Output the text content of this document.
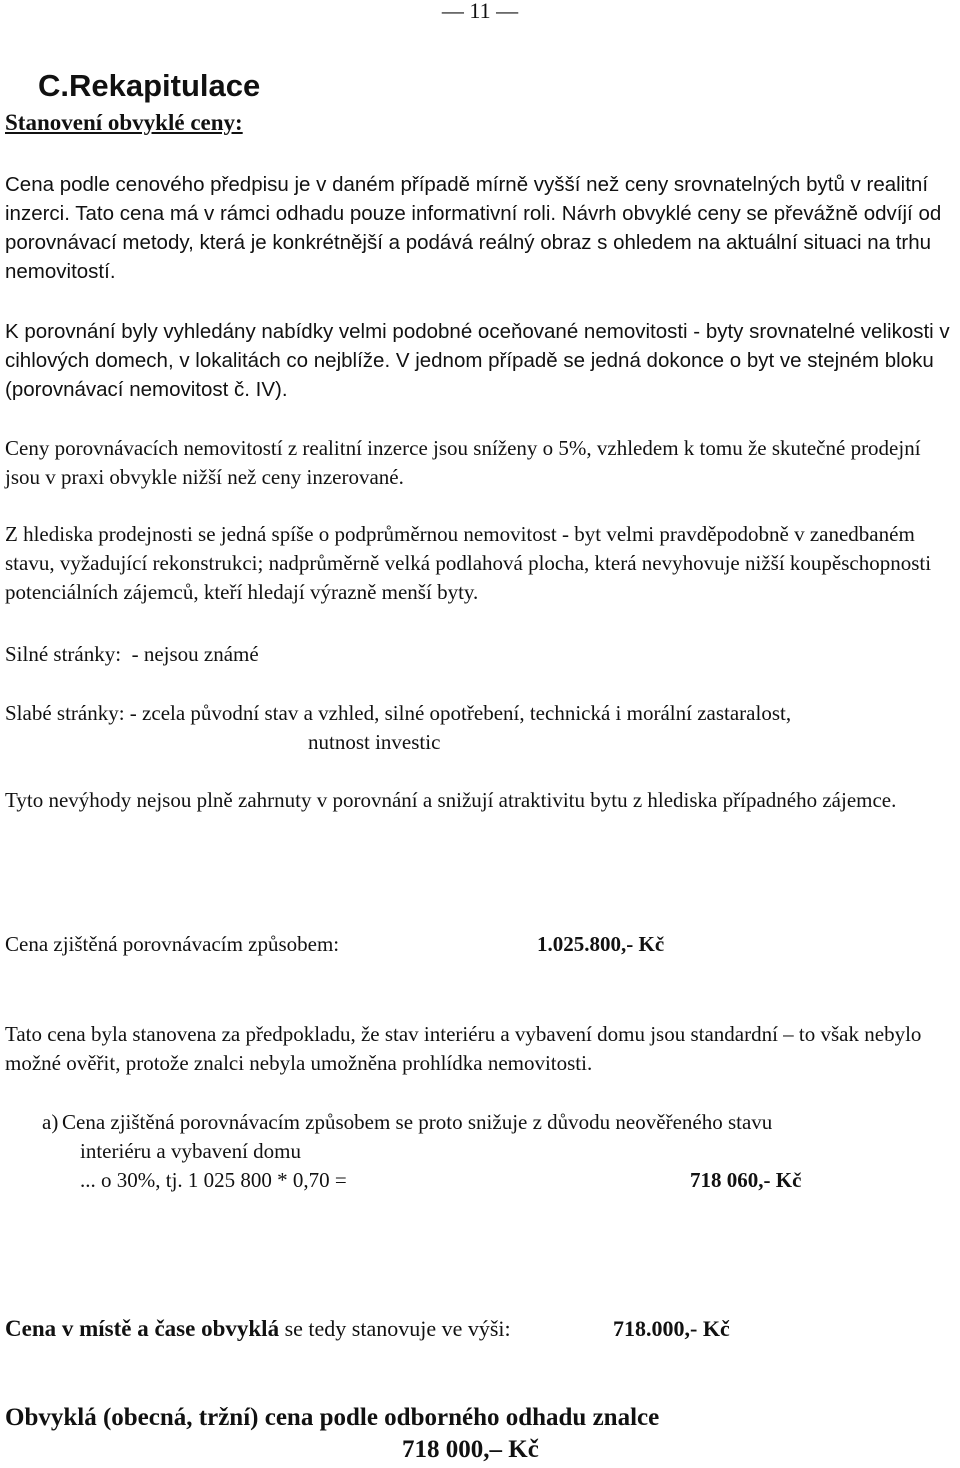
— 11 —
C.Rekapitulace
Stanovení obvyklé ceny:

Cena podle cenového předpisu je v daném případě mírně vyšší než ceny srovnatelných bytů v realitní inzerci. Tato cena má v rámci odhadu pouze informativní roli. Návrh obvyklé ceny se převážně odvíjí od porovnávací metody, která je konkrétnější a podává reálný obraz s ohledem na aktuální situaci na trhu nemovitostí.

K porovnání byly vyhledány nabídky velmi podobné oceňované nemovitosti - byty srovnatelné velikosti v cihlových domech, v lokalitách co nejblíže. V jednom případě se jedná dokonce o byt ve stejném bloku (porovnávací nemovitost č. IV).

Ceny porovnávacích nemovitostí z realitní inzerce jsou sníženy o 5%, vzhledem k tomu že skutečné prodejní jsou v praxi obvykle nižší než ceny inzerované.

Z hlediska prodejnosti se jedná spíše o podprůměrnou nemovitost - byt velmi pravděpodobně v zanedbaném stavu, vyžadující rekonstrukci; nadprůměrně velká podlahová plocha, která nevyhovuje nižší koupěschopnosti potenciálních zájemců, kteří hledají výrazně menší byty.

Silné stránky:  - nejsou známé

Slabé stránky: - zcela původní stav a vzhled, silné opotřebení, technická i morální zastaralost,

nutnost investic

Tyto nevýhody nejsou plně zahrnuty v porovnání a snižují atraktivitu bytu z hlediska případného zájemce.

Cena zjištěná porovnávacím způsobem:	1.025.800,- Kč

Tato cena byla stanovena za předpokladu, že stav interiéru a vybavení domu jsou standardní – to však nebylo možné ověřit, protože znalci nebyla umožněna prohlídka nemovitosti.

a) Cena zjištěná porovnávacím způsobem se proto snižuje z důvodu neověřeného stavu
interiéru a vybavení domu
... o 30%, tj. 1 025 800 * 0,70 =	718 060,- Kč
Cena v místě a čase obvyklá se tedy stanovuje ve výši:	718.000,- Kč
Obvyklá (obecná, tržní) cena podle odborného odhadu znalce
718 000,– Kč
